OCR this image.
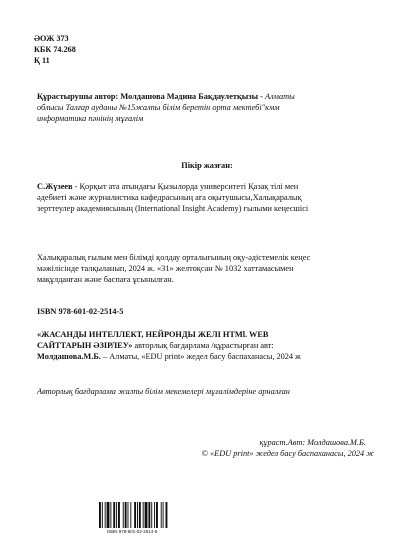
ӘОЖ 373
КБК 74.268
Қ 11
Құрастырушы автор: Молдашова Мәдина Бақдаулетқызы - Алматы
облысы Талғар ауданы №15жалпы білім беретін орта мектебі"кмм
информатика пәнінің мұғалім
Пікір жазған:
С.Жүзеев - Қорқыт ата атындағы Қызылорда университеті Қазақ тілі мен
әдебиеті және журналистика кафедрасының аға оқытушысы,Халықаралық
зерттеулер академиясының (International Insight Academy) ғылыми кеңесшісі
Халықаралық ғылым мен білімді қолдау орталығының оқу-әдістемелік кеңес
мәжілісінде талқыланып, 2024 ж. «31» желтоқсан № 1032 хаттамасымен
мақұлданған және баспаға ұсынылған.
ISBN 978-601-02-2514-5
«ЖАСАНДЫ ИНТЕЛЛЕКТ, НЕЙРОНДЫ ЖЕЛІ HTMl. WEB
САЙТТАРЫН ӘЗІРЛЕУ» авторлық бағдарлама /құрастырған авт:
Молдашова.М.Б. – Алматы, «EDU print» жедел басу баспаханасы, 2024 ж
Авторлық бағдарлама жалпы білім мекемелері мұғалімдеріне арналған
құраст.Авт: Молдашова.М.Б.
© «EDU print» жедел басу баспаханасы, 2024 ж
ISBN 978-601-02-2514-5
